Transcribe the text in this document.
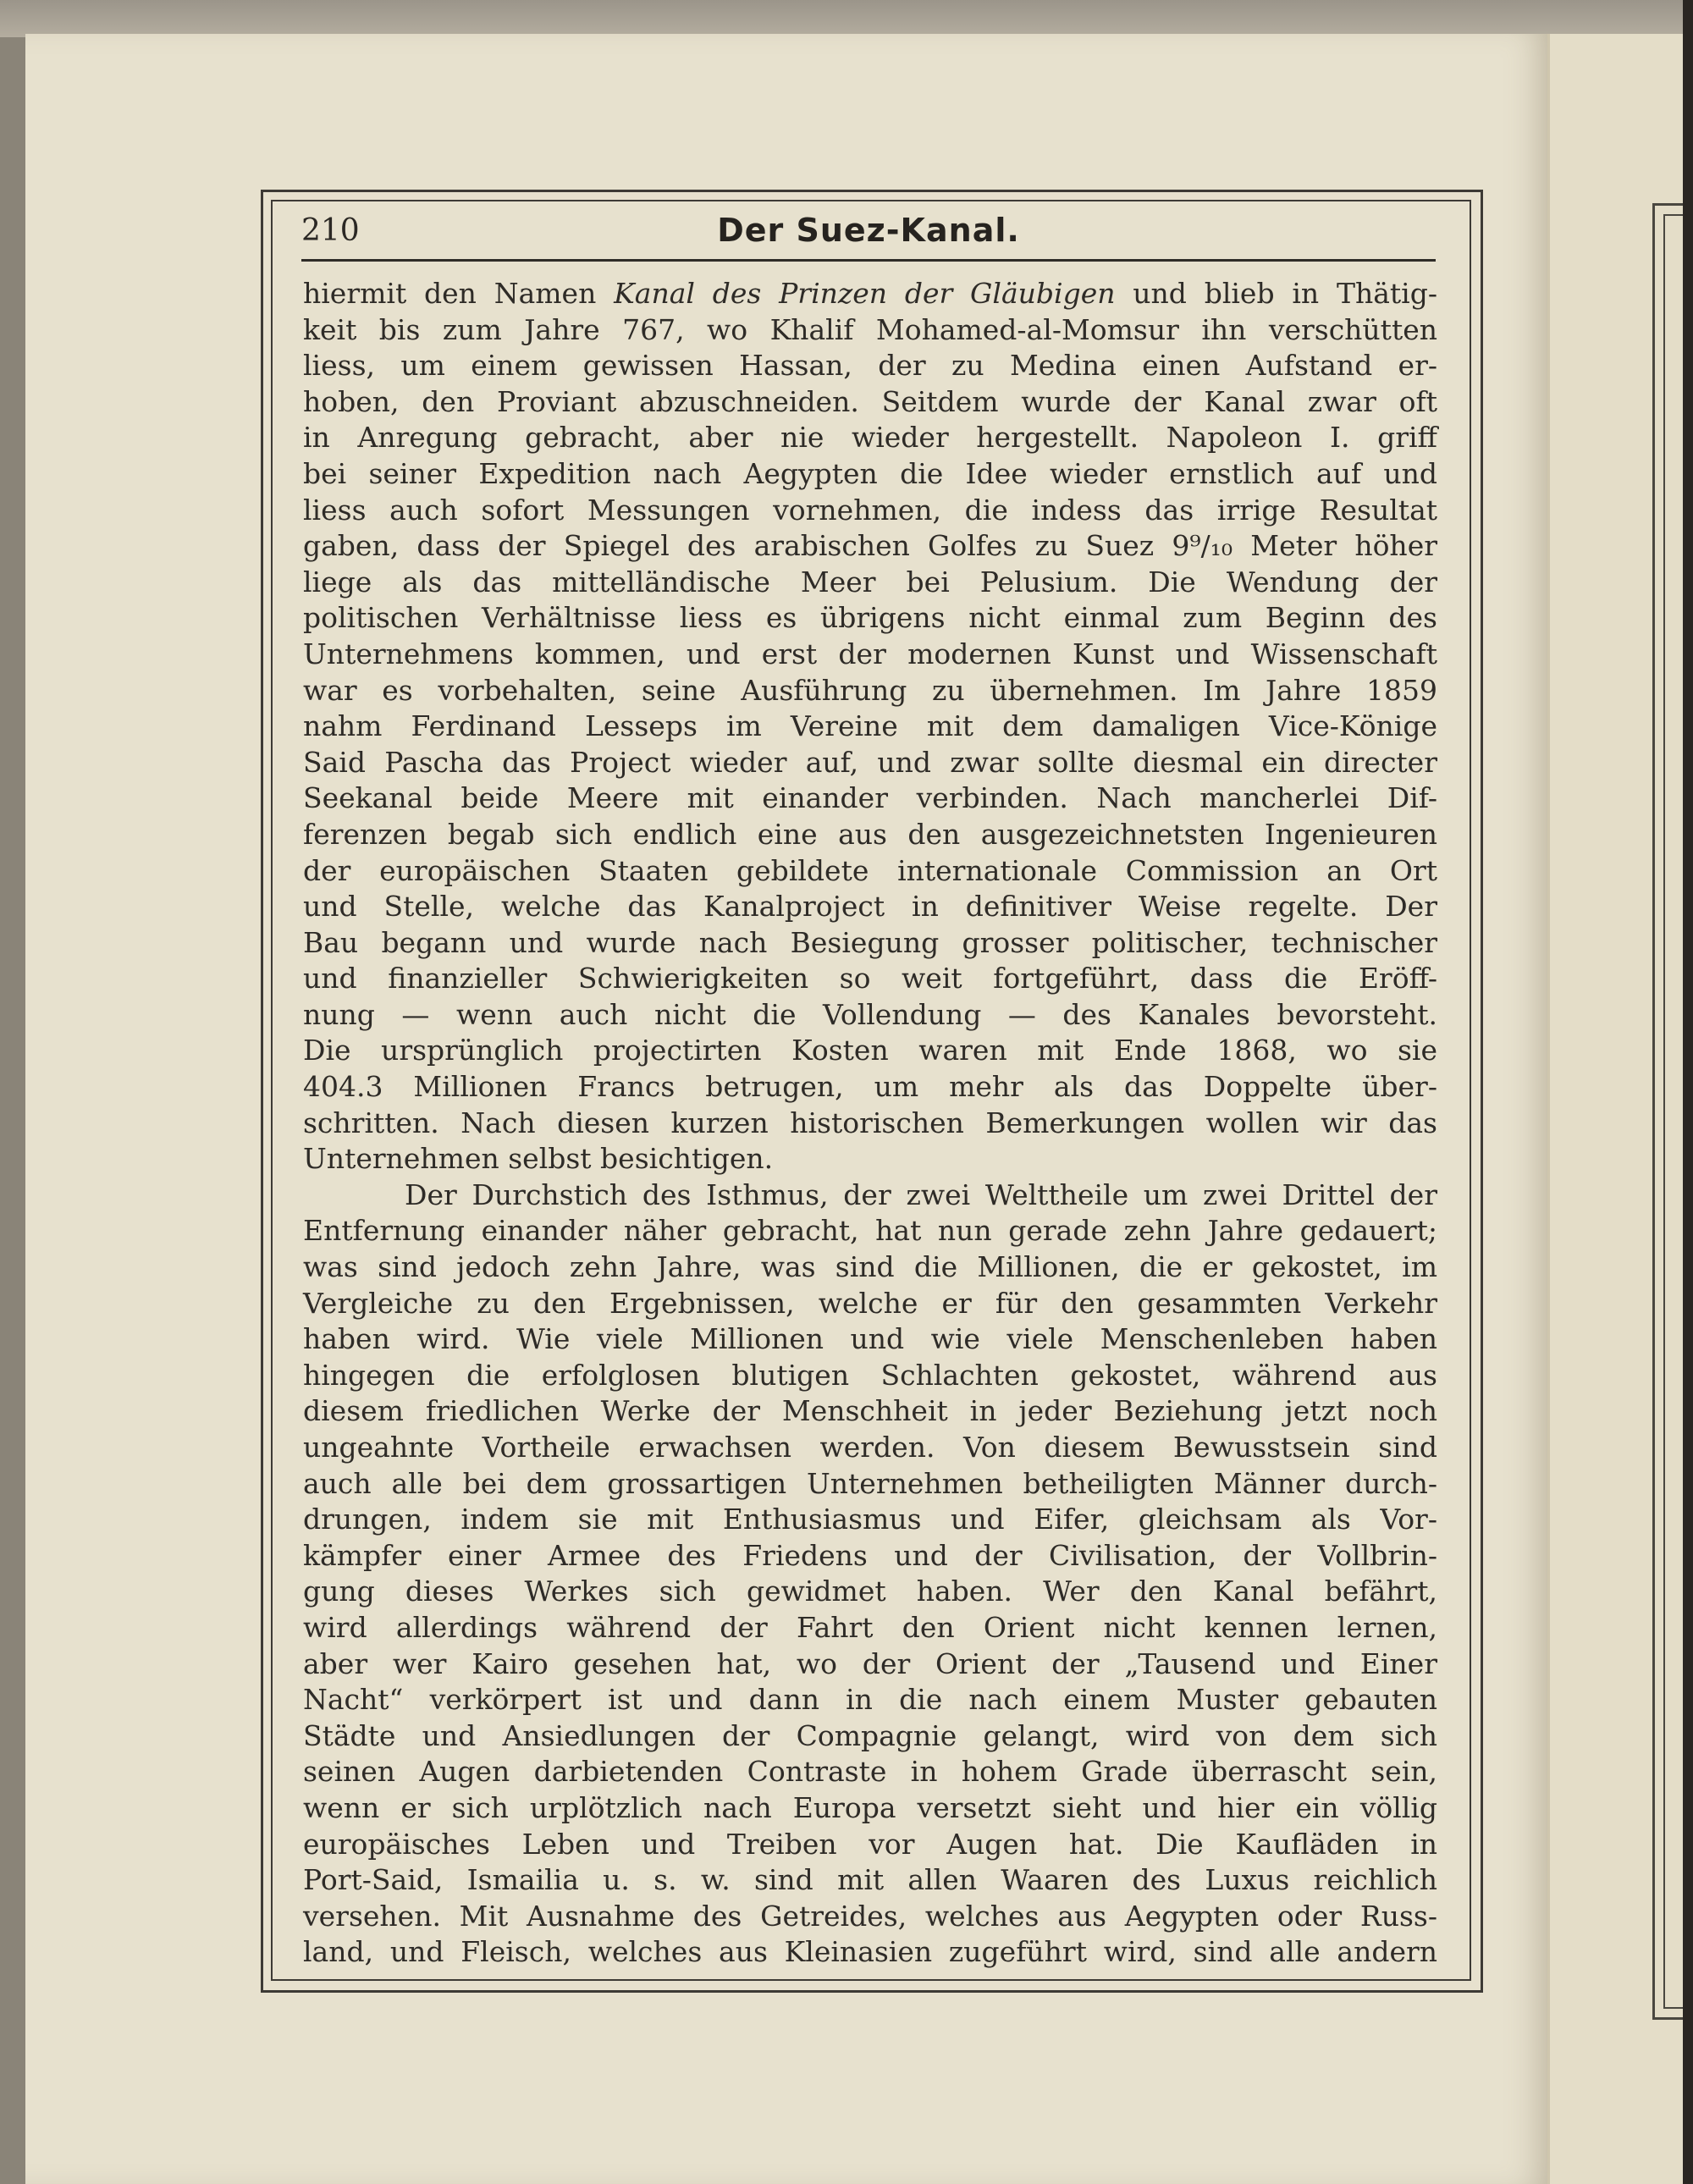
210	Der Suez-Kanal.
hiermit den Namen Kanal des Prinzen der Gläubigen und blieb in Thätig-
keit bis zum Jahre 767, wo Khalif Mohamed-al-Momsur ihn verschütten
liess, um einem gewissen Hassan, der zu Medina einen Aufstand er-
hoben, den Proviant abzuschneiden. Seitdem wurde der Kanal zwar oft
in Anregung gebracht, aber nie wieder hergestellt. Napoleon I. griff
bei seiner Expedition nach Aegypten die Idee wieder ernstlich auf und
liess auch sofort Messungen vornehmen, die indess das irrige Resultat
gaben, dass der Spiegel des arabischen Golfes zu Suez 9⁹/₁₀ Meter höher
liege als das mittelländische Meer bei Pelusium. Die Wendung der
politischen Verhältnisse liess es übrigens nicht einmal zum Beginn des
Unternehmens kommen, und erst der modernen Kunst und Wissenschaft
war es vorbehalten, seine Ausführung zu übernehmen. Im Jahre 1859
nahm Ferdinand Lesseps im Vereine mit dem damaligen Vice-Könige
Said Pascha das Project wieder auf, und zwar sollte diesmal ein directer
Seekanal beide Meere mit einander verbinden. Nach mancherlei Dif-
ferenzen begab sich endlich eine aus den ausgezeichnetsten Ingenieuren
der europäischen Staaten gebildete internationale Commission an Ort
und Stelle, welche das Kanalproject in definitiver Weise regelte. Der
Bau begann und wurde nach Besiegung grosser politischer, technischer
und finanzieller Schwierigkeiten so weit fortgeführt, dass die Eröff-
nung — wenn auch nicht die Vollendung — des Kanales bevorsteht.
Die ursprünglich projectirten Kosten waren mit Ende 1868, wo sie
404.3 Millionen Francs betrugen, um mehr als das Doppelte über-
schritten. Nach diesen kurzen historischen Bemerkungen wollen wir das
Unternehmen selbst besichtigen.
Der Durchstich des Isthmus, der zwei Welttheile um zwei Drittel der
Entfernung einander näher gebracht, hat nun gerade zehn Jahre gedauert;
was sind jedoch zehn Jahre, was sind die Millionen, die er gekostet, im
Vergleiche zu den Ergebnissen, welche er für den gesammten Verkehr
haben wird. Wie viele Millionen und wie viele Menschenleben haben
hingegen die erfolglosen blutigen Schlachten gekostet, während aus
diesem friedlichen Werke der Menschheit in jeder Beziehung jetzt noch
ungeahnte Vortheile erwachsen werden. Von diesem Bewusstsein sind
auch alle bei dem grossartigen Unternehmen betheiligten Männer durch-
drungen, indem sie mit Enthusiasmus und Eifer, gleichsam als Vor-
kämpfer einer Armee des Friedens und der Civilisation, der Vollbrin-
gung dieses Werkes sich gewidmet haben. Wer den Kanal befährt,
wird allerdings während der Fahrt den Orient nicht kennen lernen,
aber wer Kairo gesehen hat, wo der Orient der „Tausend und Einer
Nacht“ verkörpert ist und dann in die nach einem Muster gebauten
Städte und Ansiedlungen der Compagnie gelangt, wird von dem sich
seinen Augen darbietenden Contraste in hohem Grade überrascht sein,
wenn er sich urplötzlich nach Europa versetzt sieht und hier ein völlig
europäisches Leben und Treiben vor Augen hat. Die Kaufläden in
Port-Said, Ismailia u. s. w. sind mit allen Waaren des Luxus reichlich
versehen. Mit Ausnahme des Getreides, welches aus Aegypten oder Russ-
land, und Fleisch, welches aus Kleinasien zugeführt wird, sind alle andern
